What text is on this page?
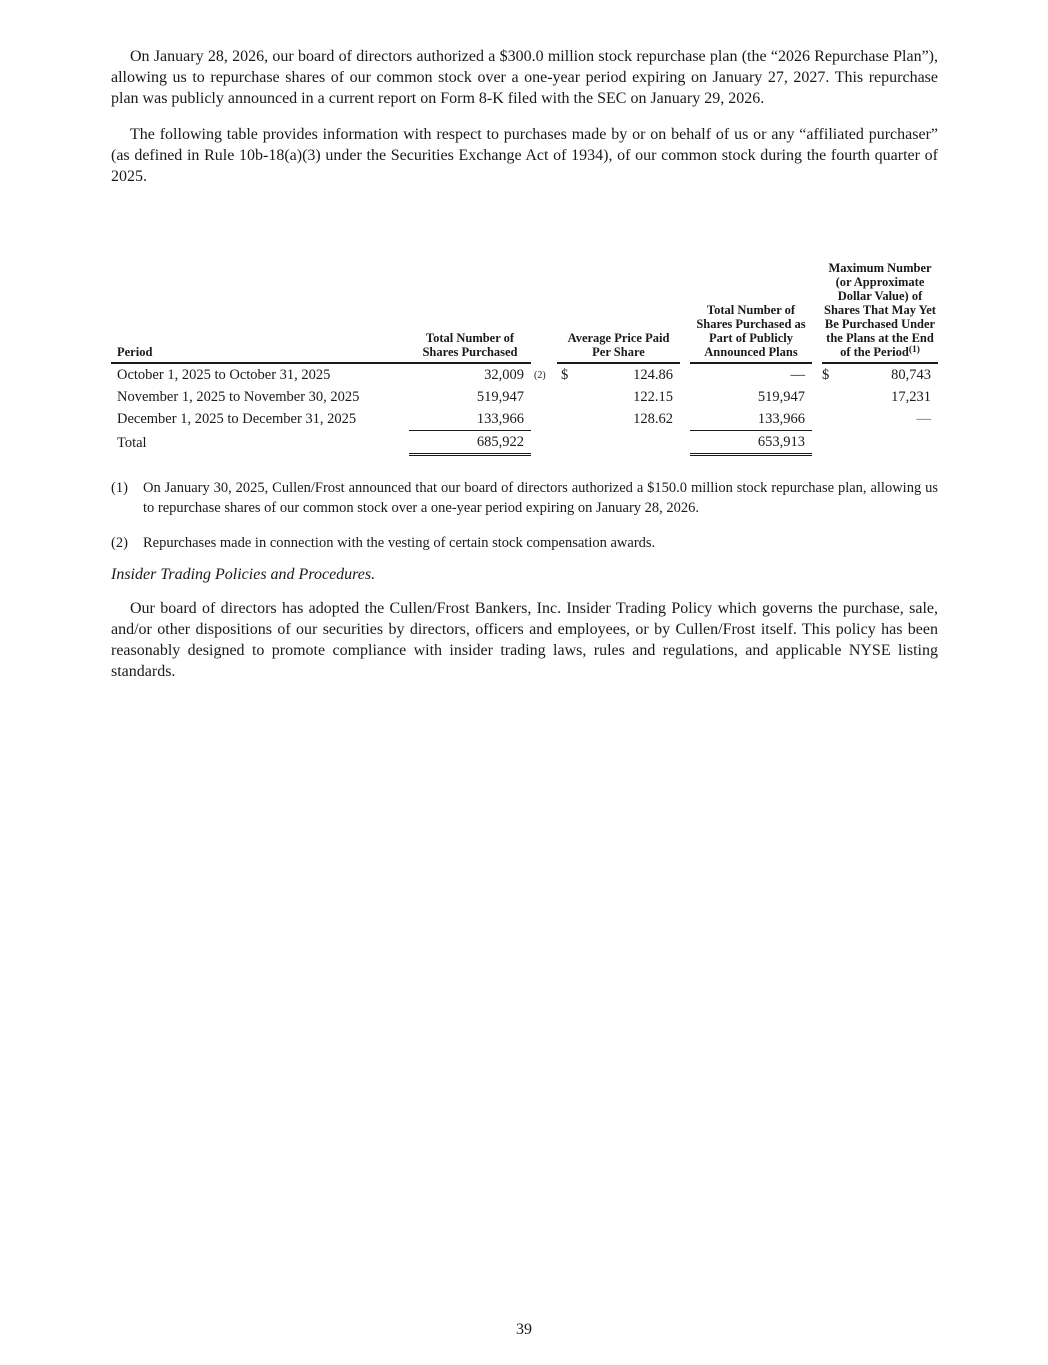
On January 28, 2026, our board of directors authorized a $300.0 million stock repurchase plan (the “2026 Repurchase Plan”), allowing us to repurchase shares of our common stock over a one-year period expiring on January 27, 2027. This repurchase plan was publicly announced in a current report on Form 8-K filed with the SEC on January 29, 2026.

The following table provides information with respect to purchases made by or on behalf of us or any “affiliated purchaser” (as defined in Rule 10b-18(a)(3) under the Securities Exchange Act of 1934), of our common stock during the fourth quarter of 2025.

Period	Total Number of Shares Purchased		Average Price Paid Per Share			Total Number of Shares Purchased as Part of Publicly Announced Plans		Maximum Number (or Approximate Dollar Value) of Shares That May Yet Be Purchased Under the Plans at the End of the Period$^{(1)}$
October 1, 2025 to October 31, 2025	32,009	(2)	$	124.86		—		$	80,743
November 1, 2025 to November 30, 2025	519,947			122.15		519,947			17,231
December 1, 2025 to December 31, 2025	133,966			128.62		133,966			—
Total	685,922					653,913			
(1)	On January 30, 2025, Cullen/Frost announced that our board of directors authorized a $150.0 million stock repurchase plan, allowing us to repurchase shares of our common stock over a one-year period expiring on January 28, 2026.
(2)	Repurchases made in connection with the vesting of certain stock compensation awards.
Insider Trading Policies and Procedures.

Our board of directors has adopted the Cullen/Frost Bankers, Inc. Insider Trading Policy which governs the purchase, sale, and/or other dispositions of our securities by directors, officers and employees, or by Cullen/Frost itself. This policy has been reasonably designed to promote compliance with insider trading laws, rules and regulations, and applicable NYSE listing standards.

39
